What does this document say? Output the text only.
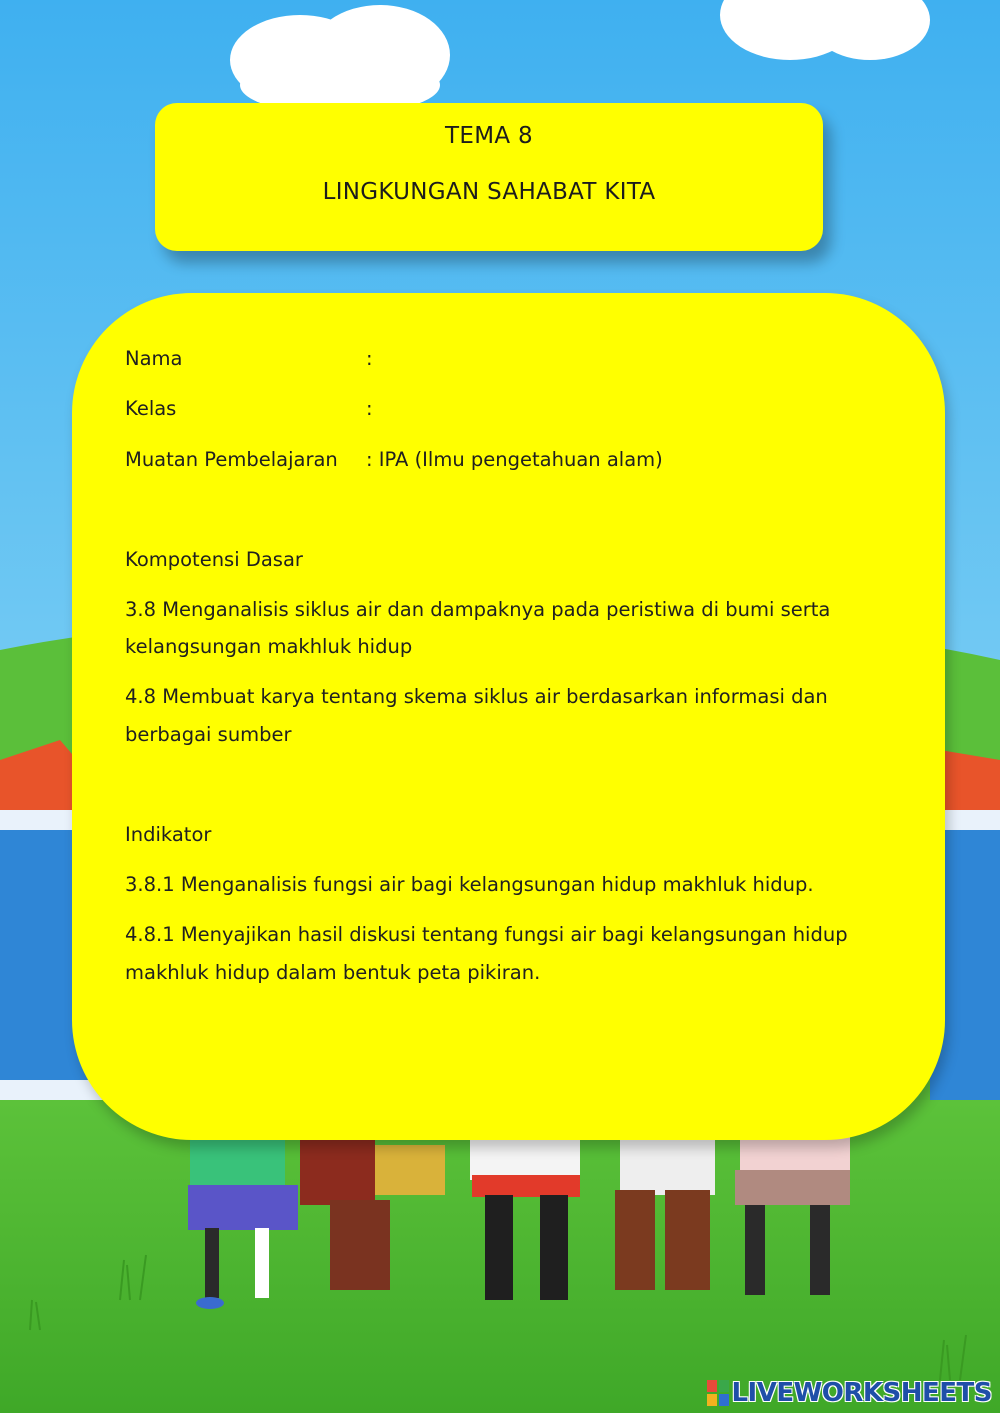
TEMA 8
LINGKUNGAN SAHABAT KITA
Nama	:
Kelas	:
Muatan Pembelajaran : IPA (Ilmu pengetahuan alam)
Kompotensi Dasar
3.8 Menganalisis siklus air dan dampaknya pada peristiwa di bumi serta
kelangsungan makhluk hidup
4.8 Membuat karya tentang skema siklus air berdasarkan informasi dan
berbagai sumber
Indikator
3.8.1 Menganalisis fungsi air bagi kelangsungan hidup makhluk hidup.
4.8.1 Menyajikan hasil diskusi tentang fungsi air bagi kelangsungan hidup
makhluk hidup dalam bentuk peta pikiran.
LIVEWORKSHEETS
